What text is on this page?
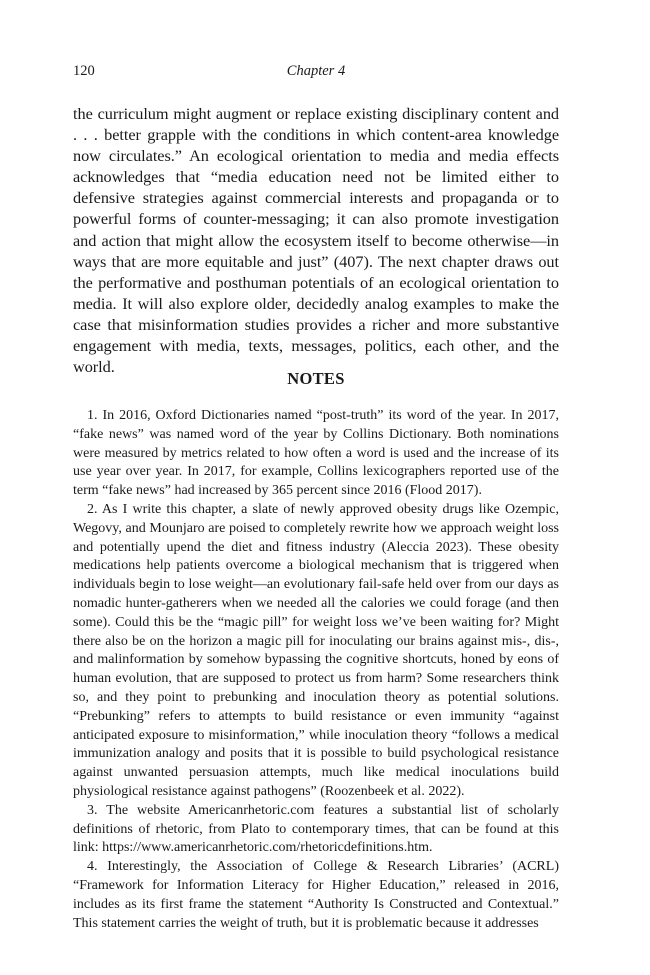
120	Chapter 4

the curriculum might augment or replace existing disciplinary content and . . . better grapple with the conditions in which content-area knowledge now circulates.” An ecological orientation to media and media effects acknowledges that “media education need not be limited either to defensive strategies against commercial interests and propaganda or to powerful forms of counter-messaging; it can also promote investigation and action that might allow the ecosystem itself to become otherwise—in ways that are more equitable and just” (407). The next chapter draws out the performative and posthuman potentials of an ecological orientation to media. It will also explore older, decidedly analog examples to make the case that misinformation studies provides a richer and more substantive engagement with media, texts, messages, politics, each other, and the world.

NOTES

1. In 2016, Oxford Dictionaries named “post-truth” its word of the year. In 2017, “fake news” was named word of the year by Collins Dictionary. Both nominations were measured by metrics related to how often a word is used and the increase of its use year over year. In 2017, for example, Collins lexicographers reported use of the term “fake news” had increased by 365 percent since 2016 (Flood 2017).

2. As I write this chapter, a slate of newly approved obesity drugs like Ozempic, Wegovy, and Mounjaro are poised to completely rewrite how we approach weight loss and potentially upend the diet and fitness industry (Aleccia 2023). These obesity medications help patients overcome a biological mechanism that is triggered when individuals begin to lose weight—an evolutionary fail-safe held over from our days as nomadic hunter-gatherers when we needed all the calories we could forage (and then some). Could this be the “magic pill” for weight loss we’ve been waiting for? Might there also be on the horizon a magic pill for inoculating our brains against mis-, dis-, and malinformation by somehow bypassing the cognitive shortcuts, honed by eons of human evolution, that are supposed to protect us from harm? Some researchers think so, and they point to prebunking and inoculation theory as potential solutions. “Prebunking” refers to attempts to build resistance or even immunity “against anticipated exposure to misinformation,” while inoculation theory “follows a medical immunization analogy and posits that it is possible to build psychological resistance against unwanted persuasion attempts, much like medical inoculations build physiological resistance against pathogens” (Roozenbeek et al. 2022).

3. The website Americanrhetoric.com features a substantial list of scholarly definitions of rhetoric, from Plato to contemporary times, that can be found at this link: https://www.americanrhetoric.com/rhetoricdefinitions.htm.

4. Interestingly, the Association of College & Research Libraries’ (ACRL) “Framework for Information Literacy for Higher Education,” released in 2016, includes as its first frame the statement “Authority Is Constructed and Contextual.” This statement carries the weight of truth, but it is problematic because it addresses
